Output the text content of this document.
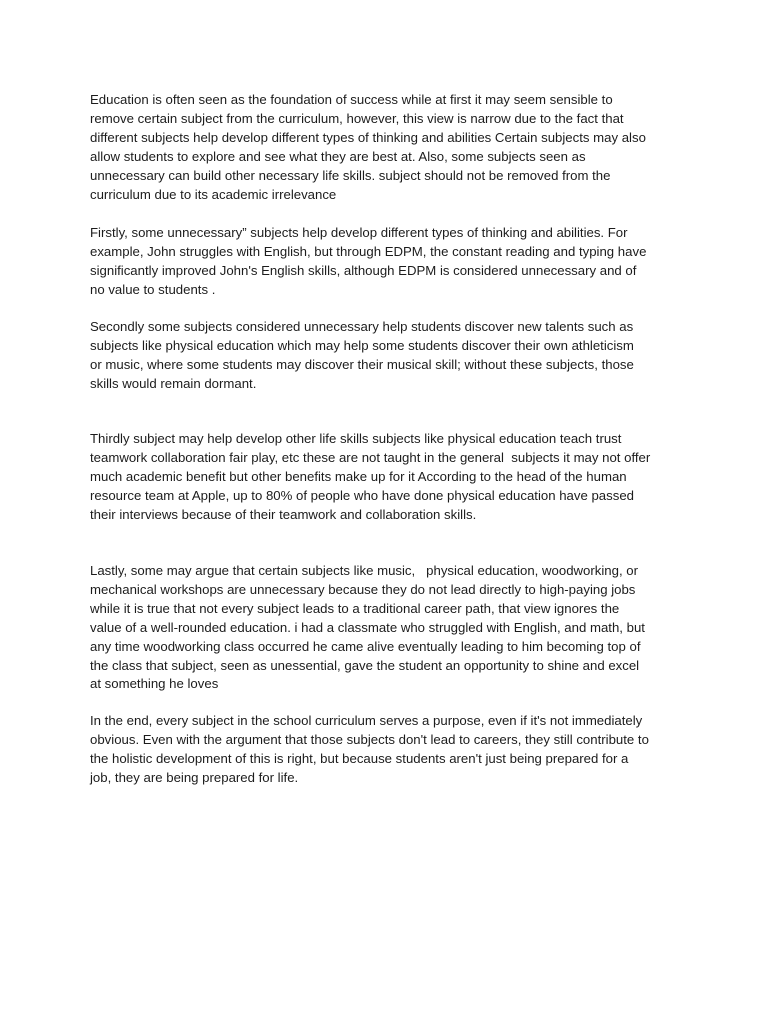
Education is often seen as the foundation of success while at first it may seem sensible to
remove certain subject from the curriculum, however, this view is narrow due to the fact that
different subjects help develop different types of thinking and abilities Certain subjects may also
allow students to explore and see what they are best at. Also, some subjects seen as
unnecessary can build other necessary life skills. subject should not be removed from the
curriculum due to its academic irrelevance

Firstly, some unnecessary” subjects help develop different types of thinking and abilities. For
example, John struggles with English, but through EDPM, the constant reading and typing have
significantly improved John's English skills, although EDPM is considered unnecessary and of
no value to students .

Secondly some subjects considered unnecessary help students discover new talents such as
subjects like physical education which may help some students discover their own athleticism
or music, where some students may discover their musical skill; without these subjects, those
skills would remain dormant.

Thirdly subject may help develop other life skills subjects like physical education teach trust
teamwork collaboration fair play, etc these are not taught in the general  subjects it may not offer
much academic benefit but other benefits make up for it According to the head of the human
resource team at Apple, up to 80% of people who have done physical education have passed
their interviews because of their teamwork and collaboration skills.

Lastly, some may argue that certain subjects like music,   physical education, woodworking, or
mechanical workshops are unnecessary because they do not lead directly to high-paying jobs
while it is true that not every subject leads to a traditional career path, that view ignores the
value of a well-rounded education. i had a classmate who struggled with English, and math, but
any time woodworking class occurred he came alive eventually leading to him becoming top of
the class that subject, seen as unessential, gave the student an opportunity to shine and excel
at something he loves

In the end, every subject in the school curriculum serves a purpose, even if it's not immediately
obvious. Even with the argument that those subjects don't lead to careers, they still contribute to
the holistic development of this is right, but because students aren't just being prepared for a
job, they are being prepared for life.
